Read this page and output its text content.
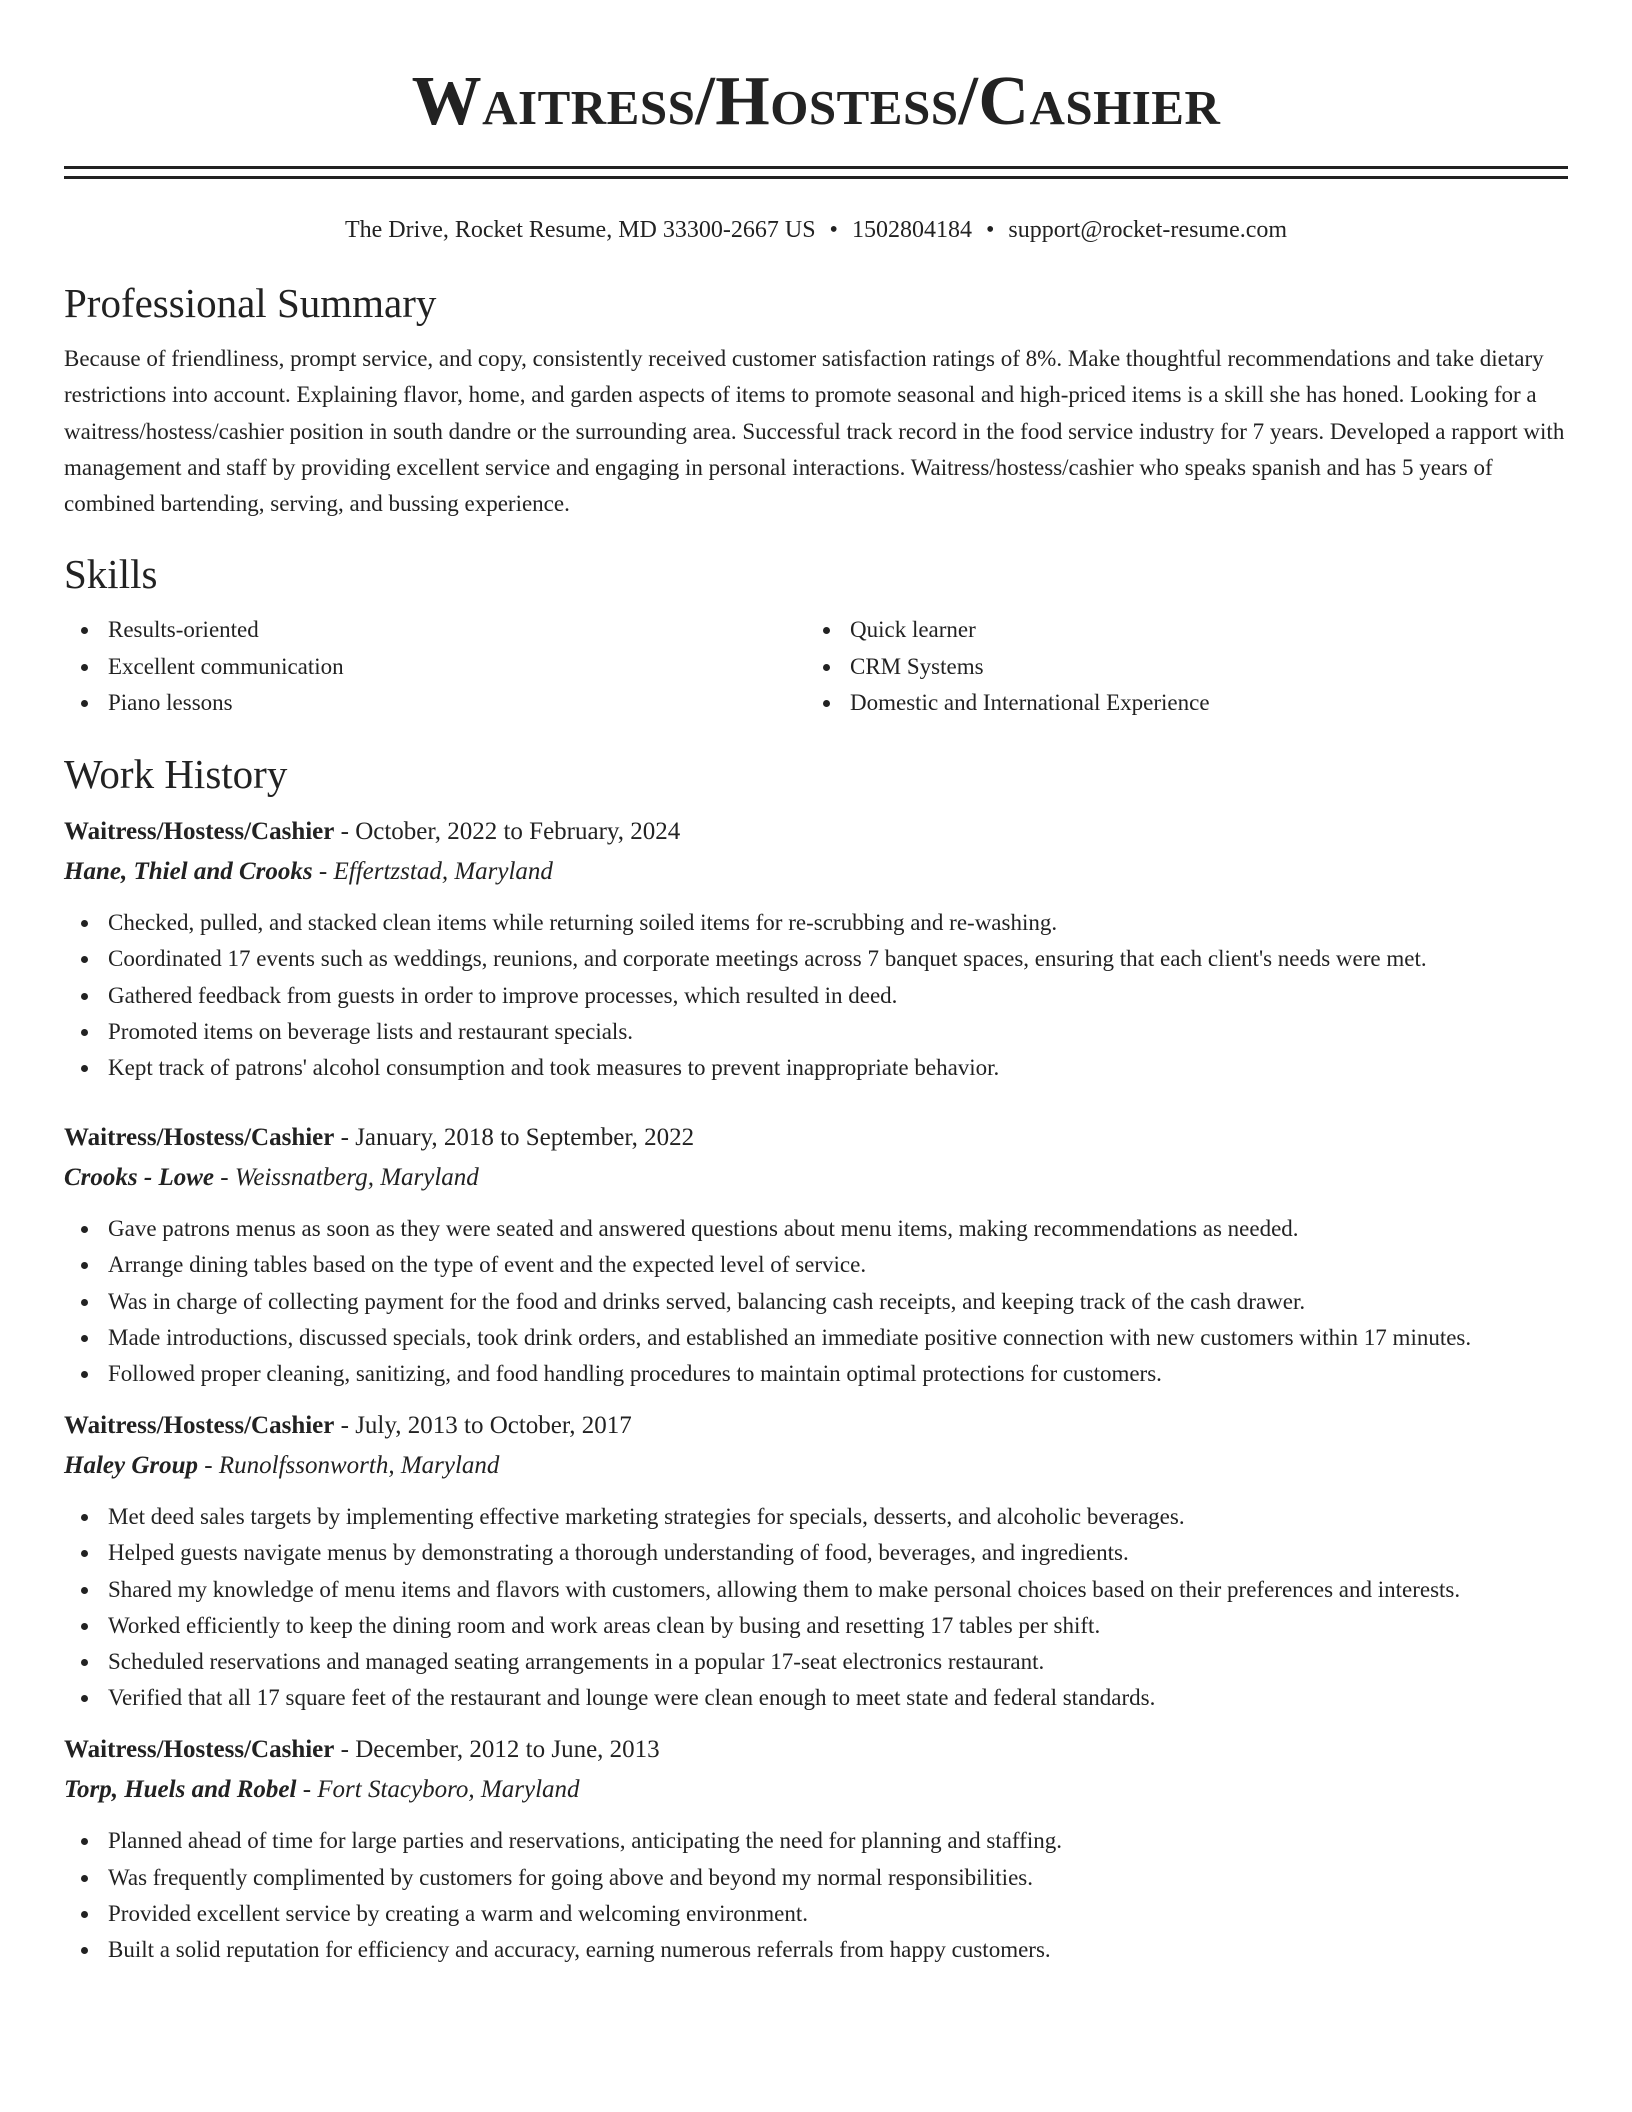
Waitress/Hostess/Cashier
The Drive, Rocket Resume, MD 33300-2667 US • 1502804184 • support@rocket-resume.com
Professional Summary

Because of friendliness, prompt service, and copy, consistently received customer satisfaction ratings of 8%. Make thoughtful recommendations and take dietary restrictions into account. Explaining flavor, home, and garden aspects of items to promote seasonal and high-priced items is a skill she has honed. Looking for a waitress/hostess/cashier position in south dandre or the surrounding area. Successful track record in the food service industry for 7 years. Developed a rapport with management and staff by providing excellent service and engaging in personal interactions. Waitress/hostess/cashier who speaks spanish and has 5 years of combined bartending, serving, and bussing experience.

Skills
Results-oriented
Excellent communication
Piano lessons
Quick learner
CRM Systems
Domestic and International Experience
Work History
Waitress/Hostess/Cashier - October, 2022 to February, 2024
Hane, Thiel and Crooks - Effertzstad, Maryland
Checked, pulled, and stacked clean items while returning soiled items for re-scrubbing and re-washing.
Coordinated 17 events such as weddings, reunions, and corporate meetings across 7 banquet spaces, ensuring that each client's needs were met.
Gathered feedback from guests in order to improve processes, which resulted in deed.
Promoted items on beverage lists and restaurant specials.
Kept track of patrons' alcohol consumption and took measures to prevent inappropriate behavior.
Waitress/Hostess/Cashier - January, 2018 to September, 2022
Crooks - Lowe - Weissnatberg, Maryland
Gave patrons menus as soon as they were seated and answered questions about menu items, making recommendations as needed.
Arrange dining tables based on the type of event and the expected level of service.
Was in charge of collecting payment for the food and drinks served, balancing cash receipts, and keeping track of the cash drawer.
Made introductions, discussed specials, took drink orders, and established an immediate positive connection with new customers within 17 minutes.
Followed proper cleaning, sanitizing, and food handling procedures to maintain optimal protections for customers.
Waitress/Hostess/Cashier - July, 2013 to October, 2017
Haley Group - Runolfssonworth, Maryland
Met deed sales targets by implementing effective marketing strategies for specials, desserts, and alcoholic beverages.
Helped guests navigate menus by demonstrating a thorough understanding of food, beverages, and ingredients.
Shared my knowledge of menu items and flavors with customers, allowing them to make personal choices based on their preferences and interests.
Worked efficiently to keep the dining room and work areas clean by busing and resetting 17 tables per shift.
Scheduled reservations and managed seating arrangements in a popular 17-seat electronics restaurant.
Verified that all 17 square feet of the restaurant and lounge were clean enough to meet state and federal standards.
Waitress/Hostess/Cashier - December, 2012 to June, 2013
Torp, Huels and Robel - Fort Stacyboro, Maryland
Planned ahead of time for large parties and reservations, anticipating the need for planning and staffing.
Was frequently complimented by customers for going above and beyond my normal responsibilities.
Provided excellent service by creating a warm and welcoming environment.
Built a solid reputation for efficiency and accuracy, earning numerous referrals from happy customers.
